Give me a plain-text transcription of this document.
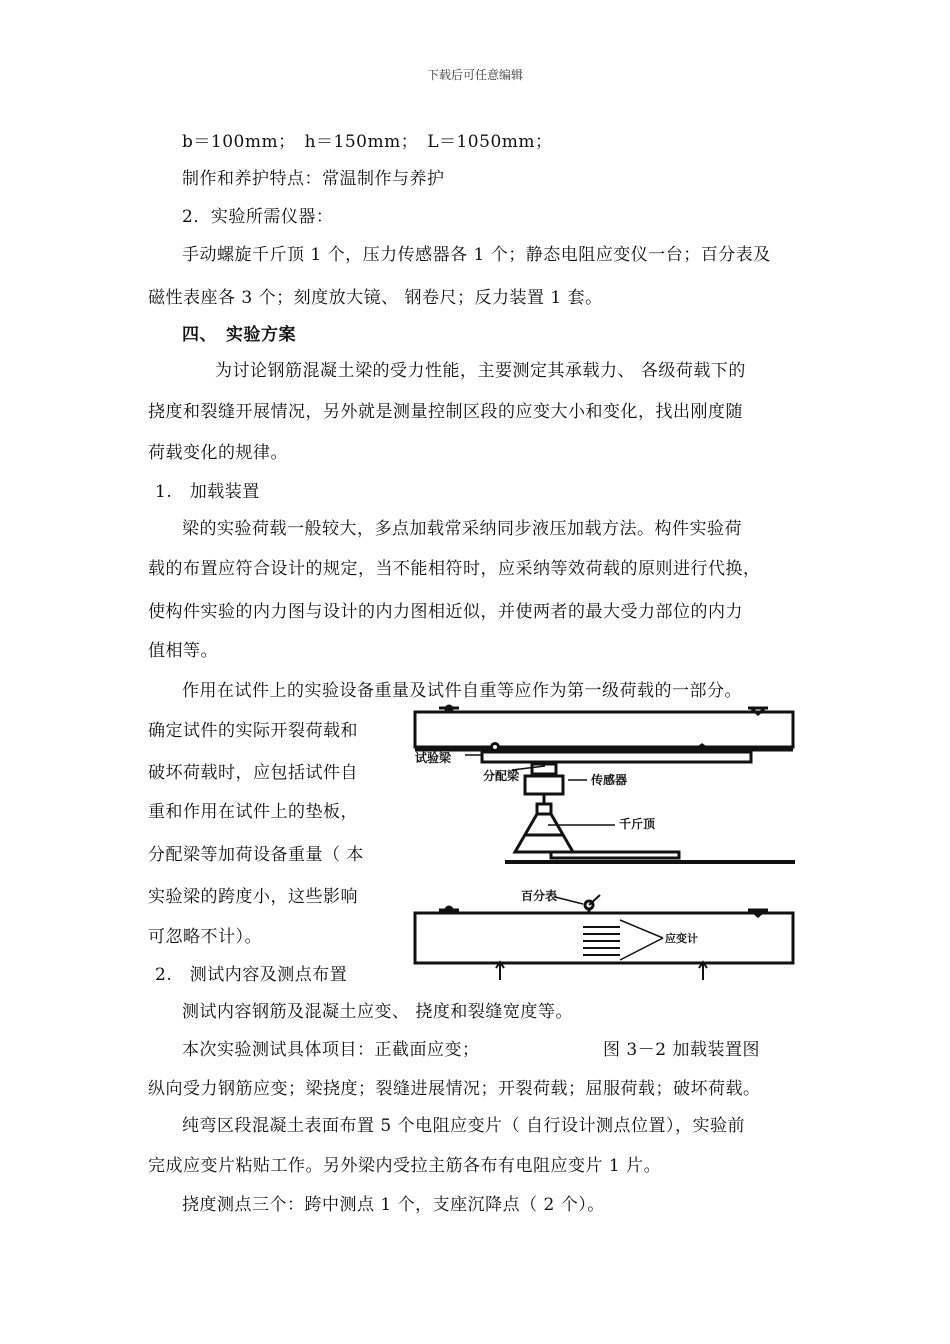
下载后可任意编辑
b＝100mm；　h＝150mm；　L＝1050mm；
制作和养护特点：常温制作与养护
2．实验所需仪器：
手动螺旋千斤顶 1 个，压力传感器各 1 个；静态电阻应变仪一台；百分表及
磁性表座各 3 个；刻度放大镜、 钢卷尺；反力装置 1 套。
四、　实验方案
为讨论钢筋混凝土梁的受力性能，主要测定其承载力、 各级荷载下的
挠度和裂缝开展情况，另外就是测量控制区段的应变大小和变化，找出刚度随
荷载变化的规律。
1.　加载装置
梁的实验荷载一般较大，多点加载常采纳同步液压加载方法。构件实验荷
载的布置应符合设计的规定，当不能相符时，应采纳等效荷载的原则进行代换，
使构件实验的内力图与设计的内力图相近似，并使两者的最大受力部位的内力
值相等。
作用在试件上的实验设备重量及试件自重等应作为第一级荷载的一部分。
确定试件的实际开裂荷载和
破坏荷载时，应包括试件自
重和作用在试件上的垫板，
分配梁等加荷设备重量（ 本
实验梁的跨度小，这些影响
可忽略不计）。
2.　测试内容及测点布置
测试内容钢筋及混凝土应变、 挠度和裂缝宽度等。
本次实验测试具体项目：正截面应变；	图 3－2 加载装置图
纵向受力钢筋应变；梁挠度；裂缝进展情况；开裂荷载；屈服荷载；破坏荷载。
纯弯区段混凝土表面布置 5 个电阻应变片（ 自行设计测点位置），实验前
完成应变片粘贴工作。另外梁内受拉主筋各布有电阻应变片 1 片。
挠度测点三个：跨中测点 1 个，支座沉降点（ 2 个）。
试验梁
分配梁	传感器
千斤顶
百分表
应变计
